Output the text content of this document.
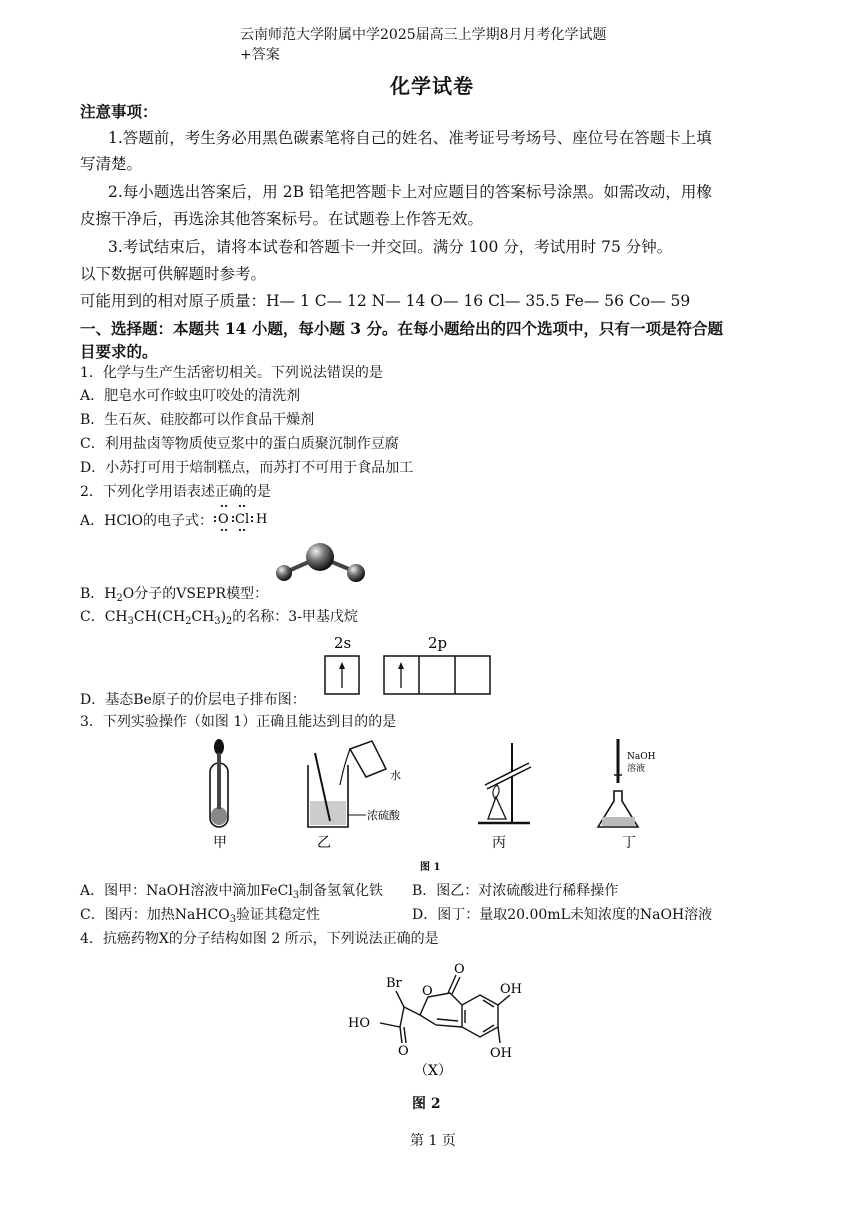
云南师范大学附属中学2025届高三上学期8月月考化学试题
+答案
化学试卷
注意事项：
1.答题前，考生务必用黑色碳素笔将自己的姓名、准考证号考场号、座位号在答题卡上填
写清楚。
2.每小题选出答案后，用 2B 铅笔把答题卡上对应题目的答案标号涂黑。如需改动，用橡
皮擦干净后，再选涂其他答案标号。在试题卷上作答无效。
3.考试结束后，请将本试卷和答题卡一并交回。满分 100 分，考试用时 75 分钟。
以下数据可供解题时参考。
可能用到的相对原子质量：H— 1 C— 12 N— 14 O— 16 Cl— 35.5 Fe— 56 Co— 59
一、选择题：本题共 14 小题，每小题 3 分。在每小题给出的四个选项中，只有一项是符合题
目要求的。
1．化学与生产生活密切相关。下列说法错误的是
A．肥皂水可作蚊虫叮咬处的清洗剂
B．生石灰、硅胶都可以作食品干燥剂
C．利用盐卤等物质使豆浆中的蛋白质聚沉制作豆腐
D．小苏打可用于焙制糕点，而苏打不可用于食品加工
2．下列化学用语表述正确的是
A．HClO的电子式： O Cl H
B．$H_2O$分子的VSEPR模型：
C．$CH_3CH(CH_2CH_3)_2$的名称：3-甲基戊烷
2s	2p
D．基态Be原子的价层电子排布图：
3．下列实验操作（如图 1）正确且能达到目的的是
甲
水
浓硫酸
乙	丙
NaOH
溶液
丁
图 1
A．图甲：NaOH溶液中滴加FeCl$_3$制备氢氧化铁 B．图乙：对浓硫酸进行稀释操作
C．图丙：加热NaHCO$_3$验证其稳定性	D．图丁：量取20.00mL未知浓度的NaOH溶液
4．抗癌药物X的分子结构如图 2 所示，下列说法正确的是
Br
O
O	OH
HO
O	OH
（X）
图 2
第 1 页
